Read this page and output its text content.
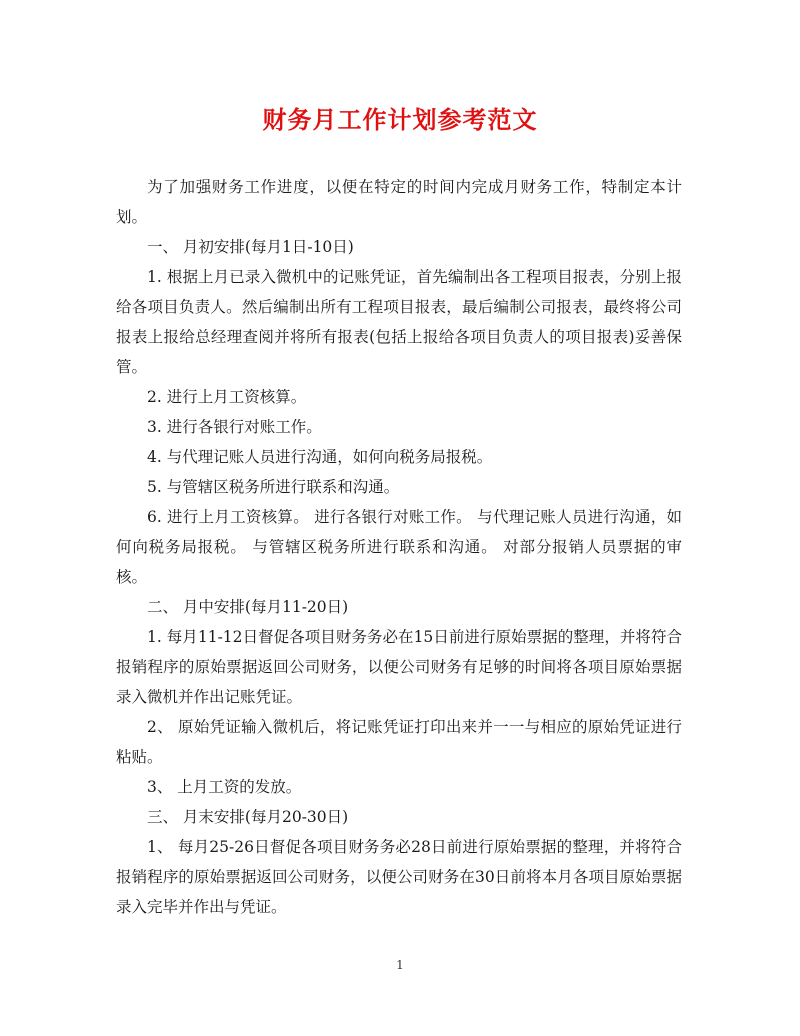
财务月工作计划参考范文

为了加强财务工作进度，以便在特定的时间内完成月财务工作，特制定本计划。

一、 月初安排(每月1日-10日)

1. 根据上月已录入微机中的记账凭证，首先编制出各工程项目报表，分别上报给各项目负责人。然后编制出所有工程项目报表，最后编制公司报表，最终将公司报表上报给总经理查阅并将所有报表(包括上报给各项目负责人的项目报表)妥善保管。

2. 进行上月工资核算。

3. 进行各银行对账工作。

4. 与代理记账人员进行沟通，如何向税务局报税。

5. 与管辖区税务所进行联系和沟通。

6. 进行上月工资核算。 进行各银行对账工作。 与代理记账人员进行沟通，如何向税务局报税。 与管辖区税务所进行联系和沟通。 对部分报销人员票据的审核。

二、 月中安排(每月11-20日)

1. 每月11-12日督促各项目财务务必在15日前进行原始票据的整理，并将符合报销程序的原始票据返回公司财务，以便公司财务有足够的时间将各项目原始票据录入微机并作出记账凭证。

2、 原始凭证输入微机后，将记账凭证打印出来并一一与相应的原始凭证进行粘贴。

3、 上月工资的发放。

三、 月末安排(每月20-30日)

1、 每月25-26日督促各项目财务务必28日前进行原始票据的整理，并将符合报销程序的原始票据返回公司财务，以便公司财务在30日前将本月各项目原始票据录入完毕并作出与凭证。

1
